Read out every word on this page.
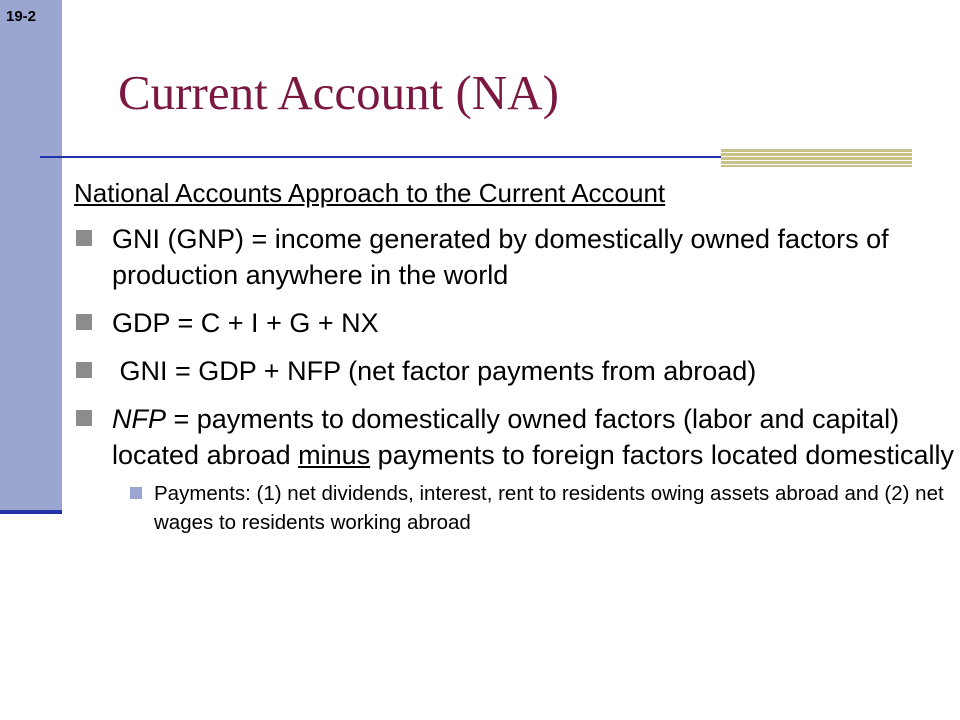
19-2
Current Account (NA)
National Accounts Approach to the Current Account
GNI (GNP) = income generated by domestically owned factors of production anywhere in the world
GDP = C + I + G + NX
GNI = GDP + NFP (net factor payments from abroad)
NFP = payments to domestically owned factors (labor and capital) located abroad minus payments to foreign factors located domestically
Payments: (1) net dividends, interest, rent to residents owing assets abroad and (2) net wages to residents working abroad
